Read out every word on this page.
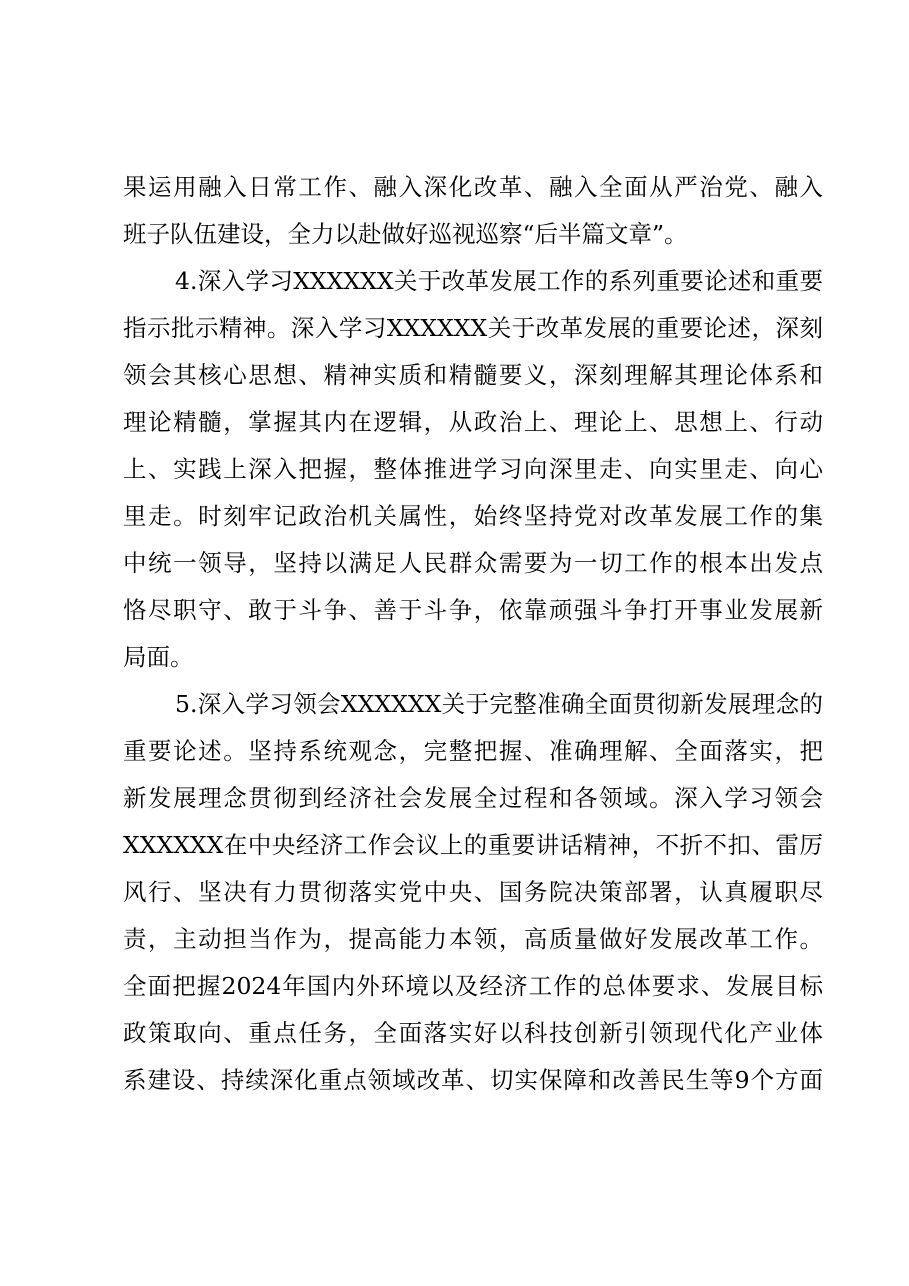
果运用融入日常工作、融入深化改革、融入全面从严治党、融入
班子队伍建设，全力以赴做好巡视巡察“后半篇文章”。
4.深入学习XXXXXX关于改革发展工作的系列重要论述和重要
指示批示精神。深入学习XXXXXX关于改革发展的重要论述，深刻
领会其核心思想、精神实质和精髓要义，深刻理解其理论体系和
理论精髓，掌握其内在逻辑，从政治上、理论上、思想上、行动
上、实践上深入把握，整体推进学习向深里走、向实里走、向心
里走。时刻牢记政治机关属性，始终坚持党对改革发展工作的集
中统一领导，坚持以满足人民群众需要为一切工作的根本出发点
恪尽职守、敢于斗争、善于斗争，依靠顽强斗争打开事业发展新
局面。
5.深入学习领会XXXXXX关于完整准确全面贯彻新发展理念的
重要论述。坚持系统观念，完整把握、准确理解、全面落实，把
新发展理念贯彻到经济社会发展全过程和各领域。深入学习领会
XXXXXX在中央经济工作会议上的重要讲话精神，不折不扣、雷厉
风行、坚决有力贯彻落实党中央、国务院决策部署，认真履职尽
责，主动担当作为，提高能力本领，高质量做好发展改革工作。
全面把握2024年国内外环境以及经济工作的总体要求、发展目标
政策取向、重点任务，全面落实好以科技创新引领现代化产业体
系建设、持续深化重点领域改革、切实保障和改善民生等9个方面
